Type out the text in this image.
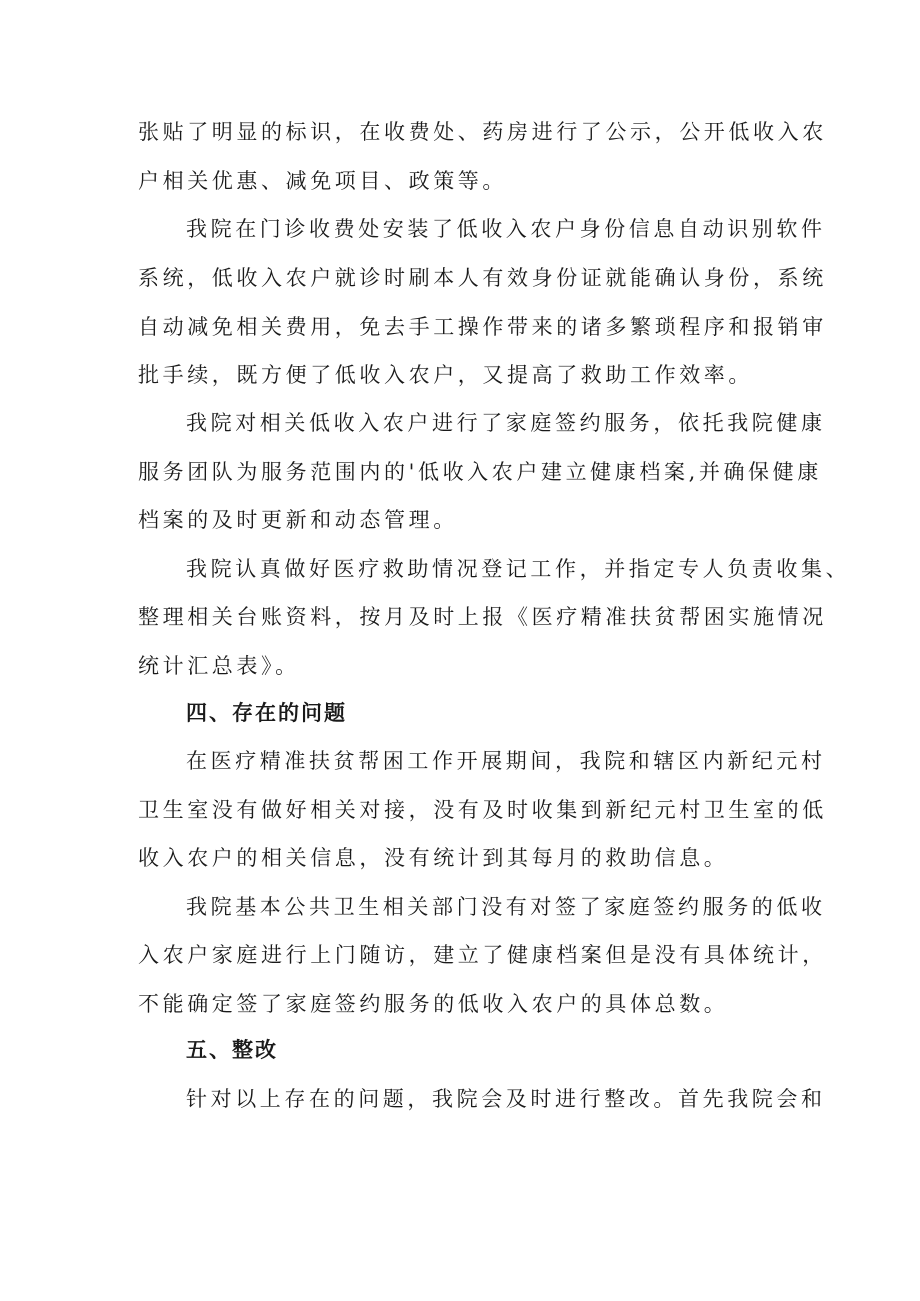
张贴了明显的标识，在收费处、药房进行了公示，公开低收入农
户相关优惠、减免项目、政策等。
我院在门诊收费处安装了低收入农户身份信息自动识别软件
系统，低收入农户就诊时刷本人有效身份证就能确认身份，系统
自动减免相关费用，免去手工操作带来的诸多繁琐程序和报销审
批手续，既方便了低收入农户，又提高了救助工作效率。
我院对相关低收入农户进行了家庭签约服务，依托我院健康
服务团队为服务范围内的'低收入农户建立健康档案,并确保健康
档案的及时更新和动态管理。
我院认真做好医疗救助情况登记工作，并指定专人负责收集、
整理相关台账资料，按月及时上报《医疗精准扶贫帮困实施情况
统计汇总表》。
四、存在的问题
在医疗精准扶贫帮困工作开展期间，我院和辖区内新纪元村
卫生室没有做好相关对接，没有及时收集到新纪元村卫生室的低
收入农户的相关信息，没有统计到其每月的救助信息。
我院基本公共卫生相关部门没有对签了家庭签约服务的低收
入农户家庭进行上门随访，建立了健康档案但是没有具体统计，
不能确定签了家庭签约服务的低收入农户的具体总数。
五、整改
针对以上存在的问题，我院会及时进行整改。首先我院会和
